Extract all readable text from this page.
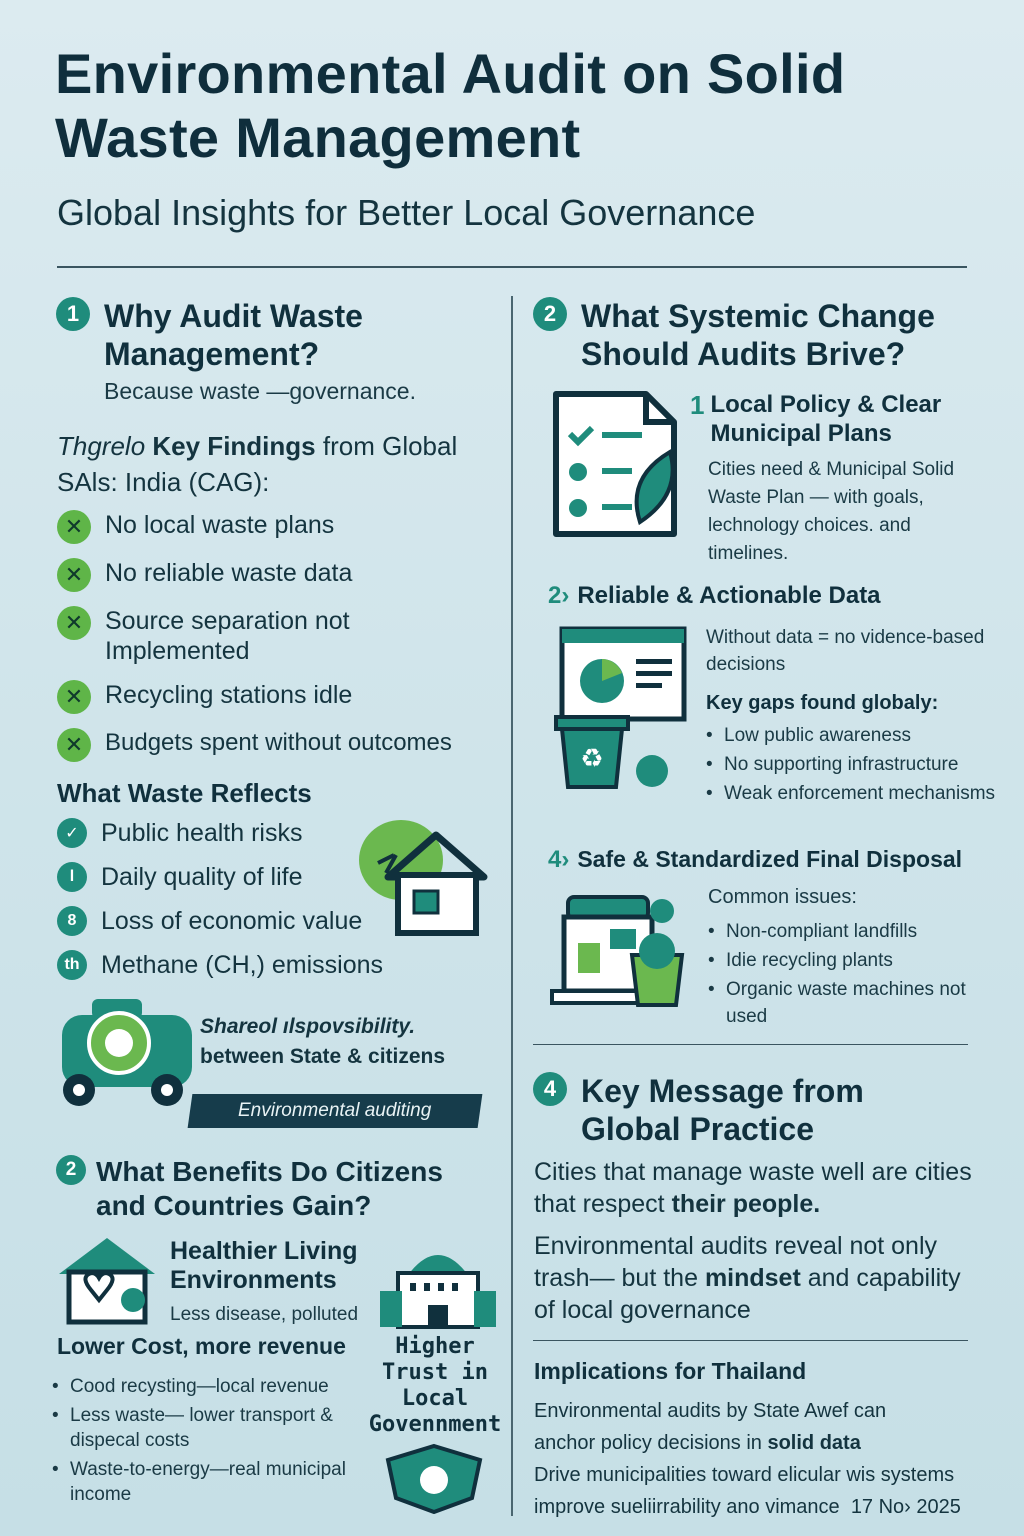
Environmental Audit on Solid Waste Management
Global Insights for Better Local Governance
1 Why Audit Waste Management?
Because waste —governance.
Thgrelo Key Findings from Global SAls: India (CAG):
✕ No local waste plans
✕ No reliable waste data
✕ Source separation not Implemented
✕ Recycling stations idle
✕ Budgets spent without outcomes
What Waste Reflects
✓ Public health risks
l	Daily quality of life
8 Loss of economic value
th Methane (CH,) emissions
Shareol ılspovsibility.
between State & citizens
Environmental auditing
2 What Benefits Do Citizens and Countries Gain?
Healthier Living Environments
Less disease, polluted
Lower Cost, more revenue
• Cood recysting—local revenue
• Less waste— lower transport & dispecal costs
• Waste-to-energy—real municipal income
Higher Trust in Local Govennment
2 What Systemic Change Should Audits Brive?
1 Local Policy & Clear Municipal Plans
Cities need & Municipal Solid Waste Plan — with goals, lechnology choices. and timelines.
2› Reliable & Actionable Data
♻
Without data = no vidence-based decisions
Key gaps found globaly:
• Low public awareness
• No supporting infrastructure
• Weak enforcement mechanisms
4› Safe & Standardized Final Disposal
Common issues:
• Non-compliant landfills
• Idie recycling plants
• Organic waste machines not used
4 Key Message from Global Practice
Cities that manage waste well are cities that respect their people.
Environmental audits reveal not only trash— but the mindset and capability of local governance
Implications for Thailand
Environmental audits by State Awef can
anchor policy decisions in solid data
Drive municipalities toward elicular wis systems
improve sueliirrability ano vimance 17 No› 2025
